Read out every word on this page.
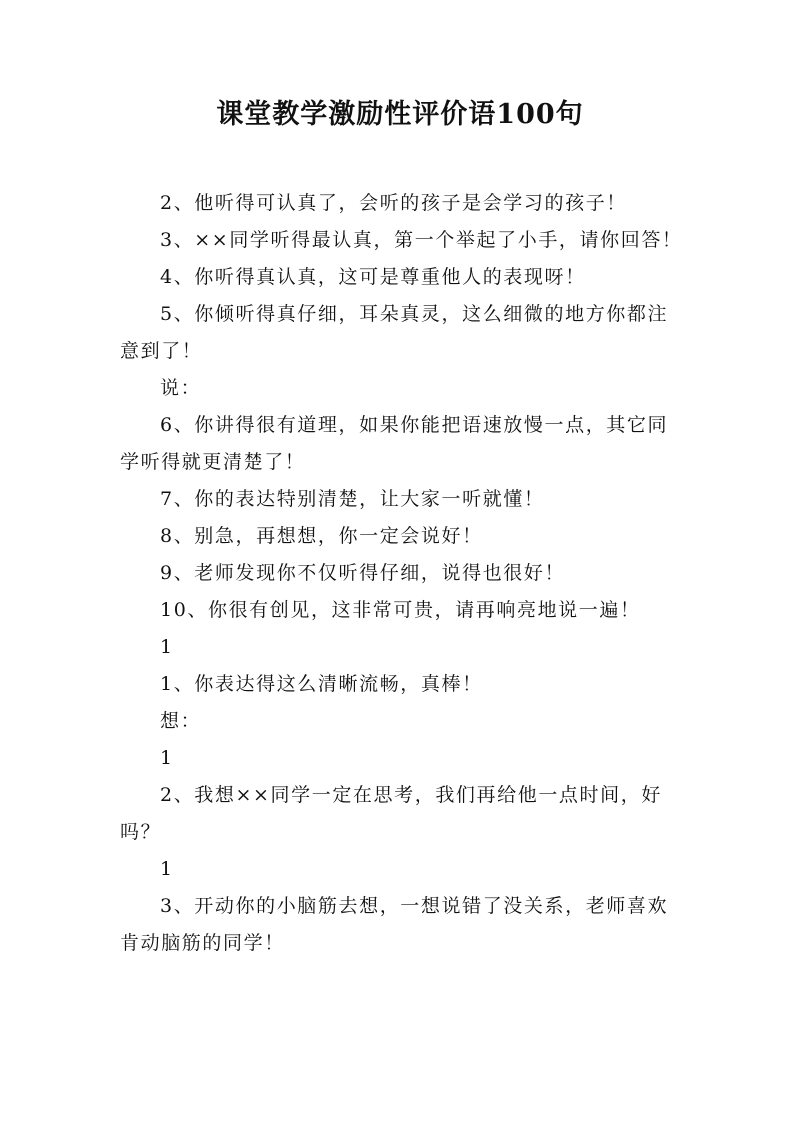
课堂教学激励性评价语100句

2、他听得可认真了，会听的孩子是会学习的孩子！

3、××同学听得最认真，第一个举起了小手，请你回答！

4、你听得真认真，这可是尊重他人的表现呀！

5、你倾听得真仔细，耳朵真灵，这么细微的地方你都注意到了！

说：

6、你讲得很有道理，如果你能把语速放慢一点，其它同学听得就更清楚了！

7、你的表达特别清楚，让大家一听就懂！

8、别急，再想想，你一定会说好！

9、老师发现你不仅听得仔细，说得也很好！

10、你很有创见，这非常可贵，请再响亮地说一遍！

1

1、你表达得这么清晰流畅，真棒！

想：

1

2、我想××同学一定在思考，我们再给他一点时间，好吗？

1

3、开动你的小脑筋去想，一想说错了没关系，老师喜欢肯动脑筋的同学！
